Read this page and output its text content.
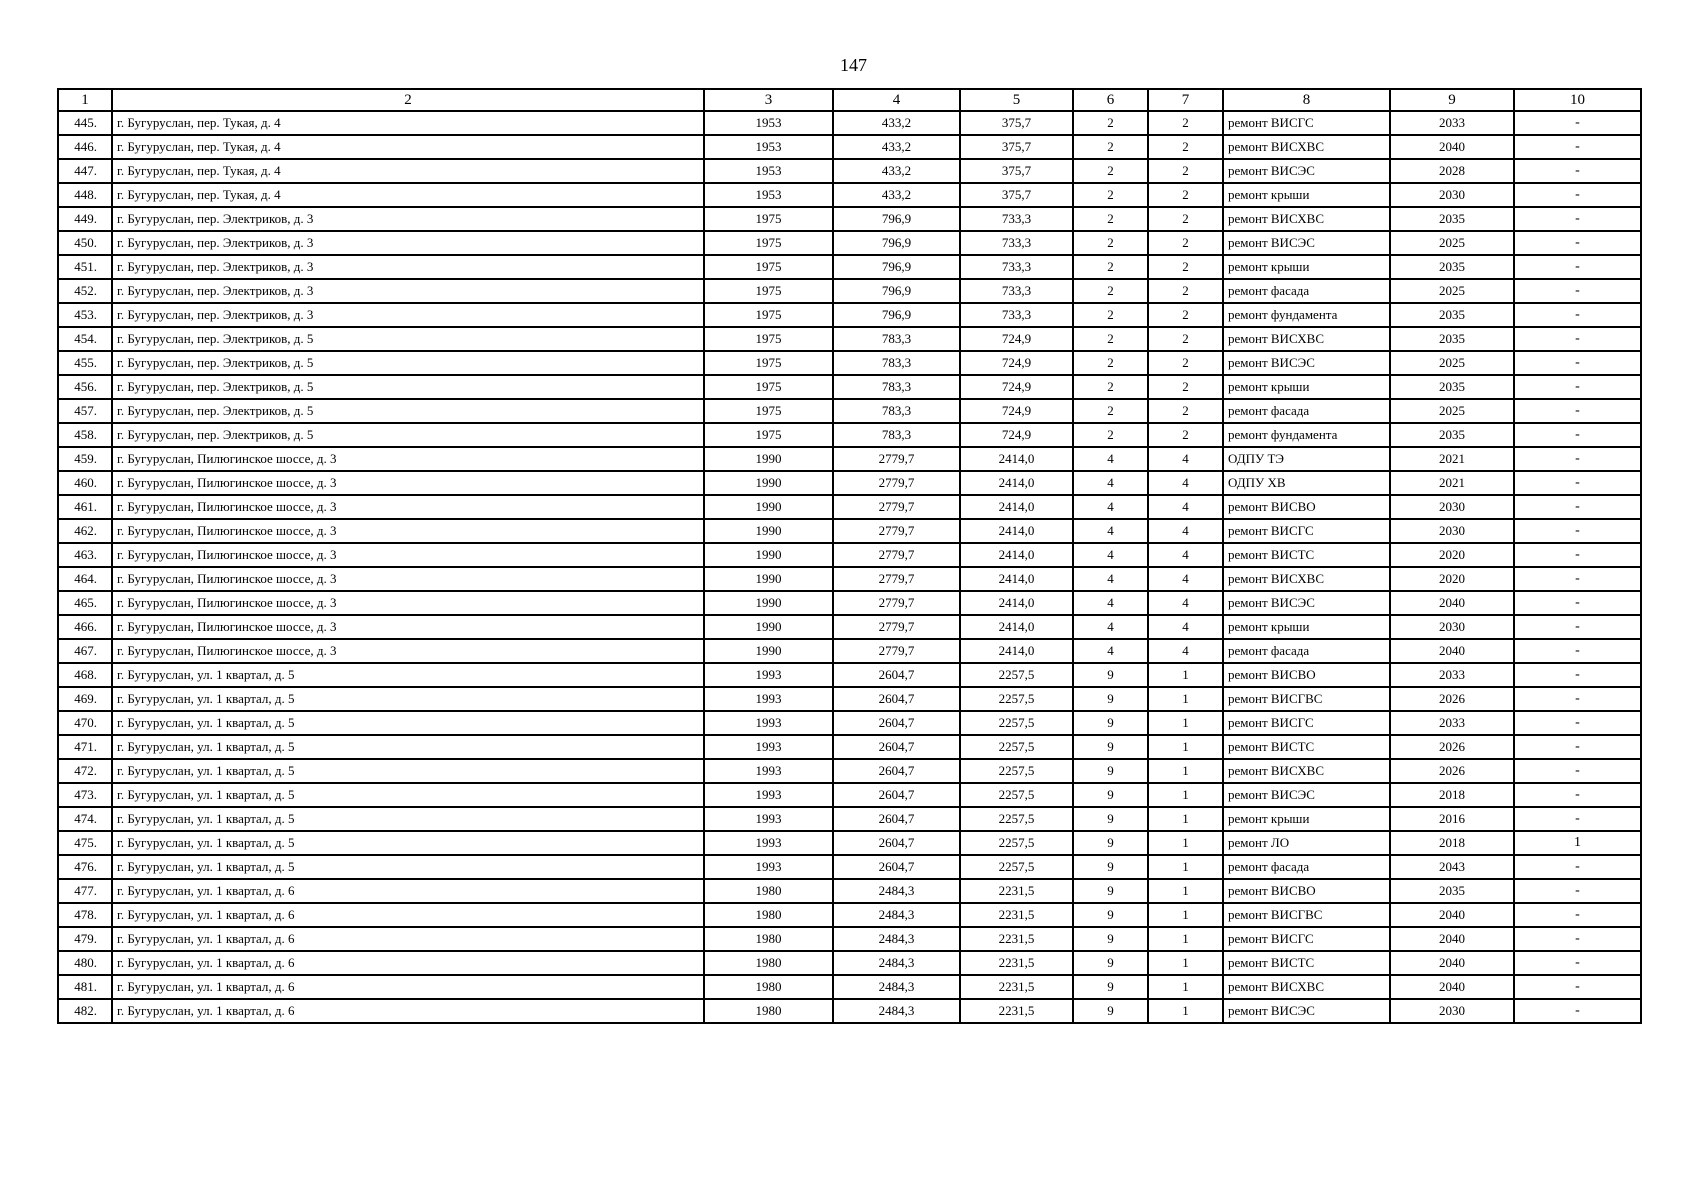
147
1	2	3	4	5	6	7	8	9	10
445.	г. Бугуруслан, пер. Тукая, д. 4	1953	433,2	375,7	2	2	ремонт ВИСГС	2033	-
446.	г. Бугуруслан, пер. Тукая, д. 4	1953	433,2	375,7	2	2	ремонт ВИСХВС	2040	-
447.	г. Бугуруслан, пер. Тукая, д. 4	1953	433,2	375,7	2	2	ремонт ВИСЭС	2028	-
448.	г. Бугуруслан, пер. Тукая, д. 4	1953	433,2	375,7	2	2	ремонт крыши	2030	-
449.	г. Бугуруслан, пер. Электриков, д. 3	1975	796,9	733,3	2	2	ремонт ВИСХВС	2035	-
450.	г. Бугуруслан, пер. Электриков, д. 3	1975	796,9	733,3	2	2	ремонт ВИСЭС	2025	-
451.	г. Бугуруслан, пер. Электриков, д. 3	1975	796,9	733,3	2	2	ремонт крыши	2035	-
452.	г. Бугуруслан, пер. Электриков, д. 3	1975	796,9	733,3	2	2	ремонт фасада	2025	-
453.	г. Бугуруслан, пер. Электриков, д. 3	1975	796,9	733,3	2	2	ремонт фундамента	2035	-
454.	г. Бугуруслан, пер. Электриков, д. 5	1975	783,3	724,9	2	2	ремонт ВИСХВС	2035	-
455.	г. Бугуруслан, пер. Электриков, д. 5	1975	783,3	724,9	2	2	ремонт ВИСЭС	2025	-
456.	г. Бугуруслан, пер. Электриков, д. 5	1975	783,3	724,9	2	2	ремонт крыши	2035	-
457.	г. Бугуруслан, пер. Электриков, д. 5	1975	783,3	724,9	2	2	ремонт фасада	2025	-
458.	г. Бугуруслан, пер. Электриков, д. 5	1975	783,3	724,9	2	2	ремонт фундамента	2035	-
459.	г. Бугуруслан, Пилюгинское шоссе, д. 3	1990	2779,7	2414,0	4	4	ОДПУ ТЭ	2021	-
460.	г. Бугуруслан, Пилюгинское шоссе, д. 3	1990	2779,7	2414,0	4	4	ОДПУ ХВ	2021	-
461.	г. Бугуруслан, Пилюгинское шоссе, д. 3	1990	2779,7	2414,0	4	4	ремонт ВИСВО	2030	-
462.	г. Бугуруслан, Пилюгинское шоссе, д. 3	1990	2779,7	2414,0	4	4	ремонт ВИСГС	2030	-
463.	г. Бугуруслан, Пилюгинское шоссе, д. 3	1990	2779,7	2414,0	4	4	ремонт ВИСТС	2020	-
464.	г. Бугуруслан, Пилюгинское шоссе, д. 3	1990	2779,7	2414,0	4	4	ремонт ВИСХВС	2020	-
465.	г. Бугуруслан, Пилюгинское шоссе, д. 3	1990	2779,7	2414,0	4	4	ремонт ВИСЭС	2040	-
466.	г. Бугуруслан, Пилюгинское шоссе, д. 3	1990	2779,7	2414,0	4	4	ремонт крыши	2030	-
467.	г. Бугуруслан, Пилюгинское шоссе, д. 3	1990	2779,7	2414,0	4	4	ремонт фасада	2040	-
468.	г. Бугуруслан, ул. 1 квартал, д. 5	1993	2604,7	2257,5	9	1	ремонт ВИСВО	2033	-
469.	г. Бугуруслан, ул. 1 квартал, д. 5	1993	2604,7	2257,5	9	1	ремонт ВИСГВС	2026	-
470.	г. Бугуруслан, ул. 1 квартал, д. 5	1993	2604,7	2257,5	9	1	ремонт ВИСГС	2033	-
471.	г. Бугуруслан, ул. 1 квартал, д. 5	1993	2604,7	2257,5	9	1	ремонт ВИСТС	2026	-
472.	г. Бугуруслан, ул. 1 квартал, д. 5	1993	2604,7	2257,5	9	1	ремонт ВИСХВС	2026	-
473.	г. Бугуруслан, ул. 1 квартал, д. 5	1993	2604,7	2257,5	9	1	ремонт ВИСЭС	2018	-
474.	г. Бугуруслан, ул. 1 квартал, д. 5	1993	2604,7	2257,5	9	1	ремонт крыши	2016	-
475.	г. Бугуруслан, ул. 1 квартал, д. 5	1993	2604,7	2257,5	9	1	ремонт ЛО	2018	1
476.	г. Бугуруслан, ул. 1 квартал, д. 5	1993	2604,7	2257,5	9	1	ремонт фасада	2043	-
477.	г. Бугуруслан, ул. 1 квартал, д. 6	1980	2484,3	2231,5	9	1	ремонт ВИСВО	2035	-
478.	г. Бугуруслан, ул. 1 квартал, д. 6	1980	2484,3	2231,5	9	1	ремонт ВИСГВС	2040	-
479.	г. Бугуруслан, ул. 1 квартал, д. 6	1980	2484,3	2231,5	9	1	ремонт ВИСГС	2040	-
480.	г. Бугуруслан, ул. 1 квартал, д. 6	1980	2484,3	2231,5	9	1	ремонт ВИСТС	2040	-
481.	г. Бугуруслан, ул. 1 квартал, д. 6	1980	2484,3	2231,5	9	1	ремонт ВИСХВС	2040	-
482.	г. Бугуруслан, ул. 1 квартал, д. 6	1980	2484,3	2231,5	9	1	ремонт ВИСЭС	2030	-
